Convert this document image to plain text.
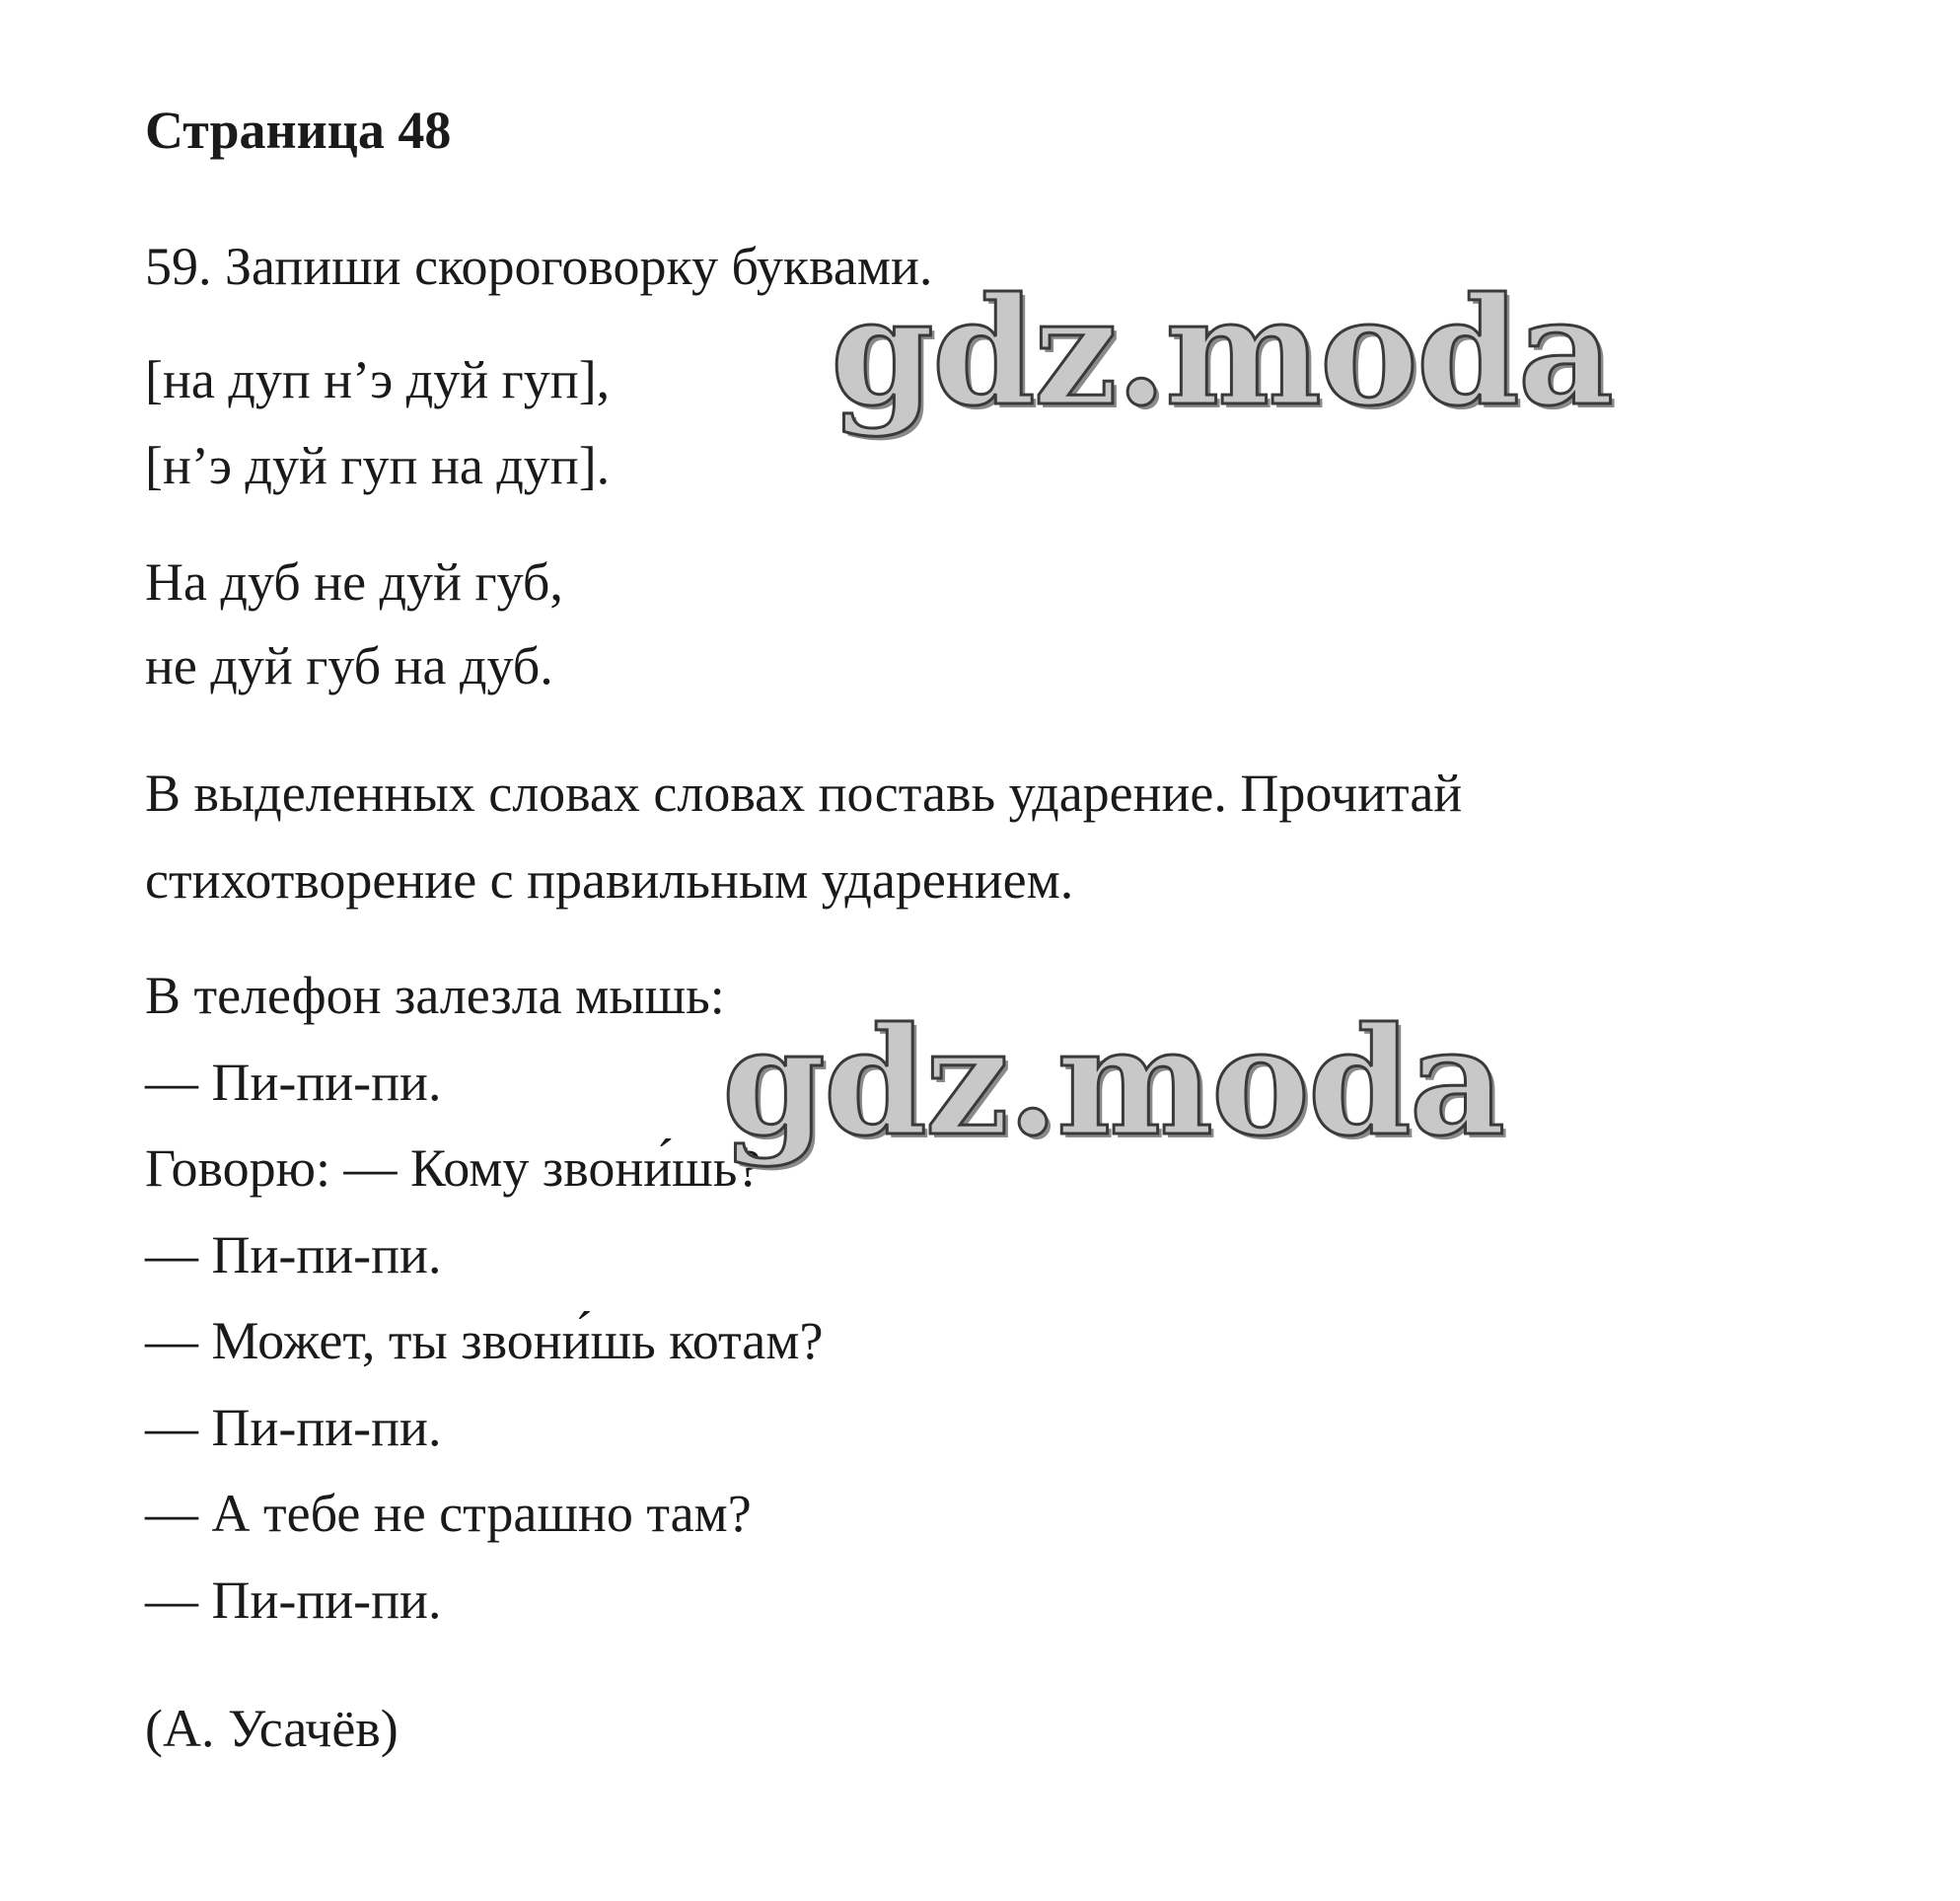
Страница 48
59. Запиши скороговорку буквами.
[на дуп н’э дуй гуп],
[н’э дуй гуп на дуп].
На дуб не дуй губ,
не дуй губ на дуб.
В выделенных словах словах поставь ударение. Прочитай
стихотворение с правильным ударением.
В телефон залезла мышь:
— Пи-пи-пи.
Говорю: — Кому звони́шь?
— Пи-пи-пи.
— Может, ты звони́шь котам?
— Пи-пи-пи.
— А тебе не страшно там?
— Пи-пи-пи.
(А. Усачёв)
gdz.moda
gdz.moda
